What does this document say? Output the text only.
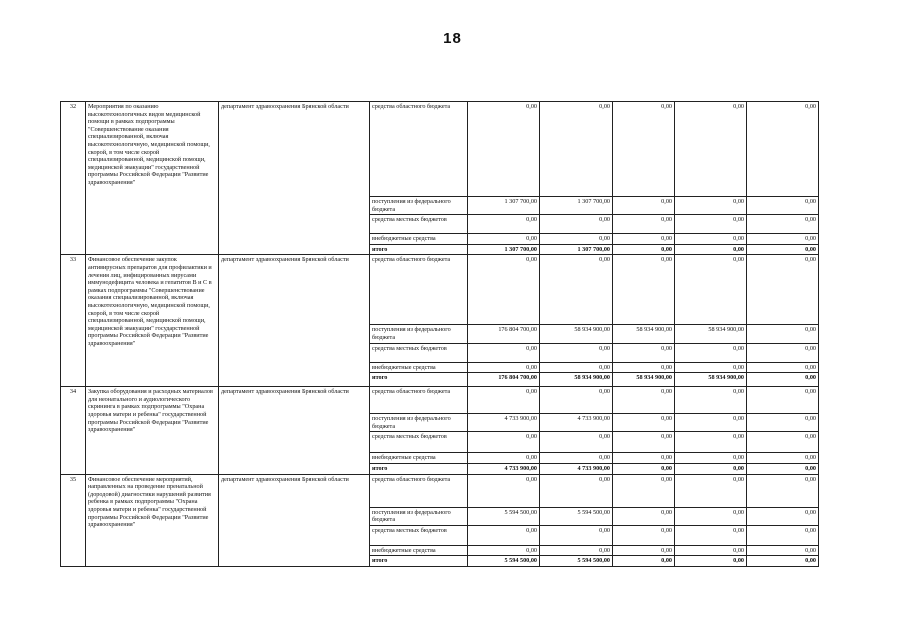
18
32	Мероприятия по оказанию высокотехнологичных видов медицинской помощи в рамках подпрограммы "Совершенствование оказания специализированной, включая высокотехнологичную, медицинской помощи, скорой, в том числе скорой специализированной, медицинской помощи, медицинской эвакуации" государственной программы Российской Федерации "Развитие здравоохранения"	департамент здравоохранения Брянской области	средства областного бюджета	0,00	0,00	0,00	0,00	0,00
			поступления из федерального бюджета	1 307 700,00	1 307 700,00	0,00	0,00	0,00
			средства местных бюджетов	0,00	0,00	0,00	0,00	0,00
			внебюджетные средства	0,00	0,00	0,00	0,00	0,00
			итого	1 307 700,00	1 307 700,00	0,00	0,00	0,00
33	Финансовое обеспечение закупок антивирусных препаратов для профилактики и лечения лиц, инфицированных вирусами иммунодефицита человека и гепатитов В и С в рамках подпрограммы "Совершенствование оказания специализированной, включая высокотехнологичную, медицинской помощи, скорой, в том числе скорой специализированной, медицинской помощи, медицинской эвакуации" государственной программы Российской Федерации "Развитие здравоохранения"	департамент здравоохранения Брянской области	средства областного бюджета	0,00	0,00	0,00	0,00	0,00
			поступления из федерального бюджета	176 804 700,00	58 934 900,00	58 934 900,00	58 934 900,00	0,00
			средства местных бюджетов	0,00	0,00	0,00	0,00	0,00
			внебюджетные средства	0,00	0,00	0,00	0,00	0,00
			итого	176 804 700,00	58 934 900,00	58 934 900,00	58 934 900,00	0,00
34	Закупка оборудования и расходных материалов для неонатального и аудиологического скрининга в рамках подпрограммы "Охрана здоровья матери и ребенка" государственной программы Российской Федерации "Развитие здравоохранения"	департамент здравоохранения Брянской области	средства областного бюджета	0,00	0,00	0,00	0,00	0,00
			поступления из федерального бюджета	4 733 900,00	4 733 900,00	0,00	0,00	0,00
			средства местных бюджетов	0,00	0,00	0,00	0,00	0,00
			внебюджетные средства	0,00	0,00	0,00	0,00	0,00
			итого	4 733 900,00	4 733 900,00	0,00	0,00	0,00
35	Финансовое обеспечение мероприятий, направленных на проведение пренатальной (дородовой) диагностики нарушений развития ребенка в рамках подпрограммы "Охрана здоровья матери и ребенка" государственной программы Российской Федерации "Развитие здравоохранения"	департамент здравоохранения Брянской области	средства областного бюджета	0,00	0,00	0,00	0,00	0,00
			поступления из федерального бюджета	5 594 500,00	5 594 500,00	0,00	0,00	0,00
			средства местных бюджетов	0,00	0,00	0,00	0,00	0,00
			внебюджетные средства	0,00	0,00	0,00	0,00	0,00
			итого	5 594 500,00	5 594 500,00	0,00	0,00	0,00
